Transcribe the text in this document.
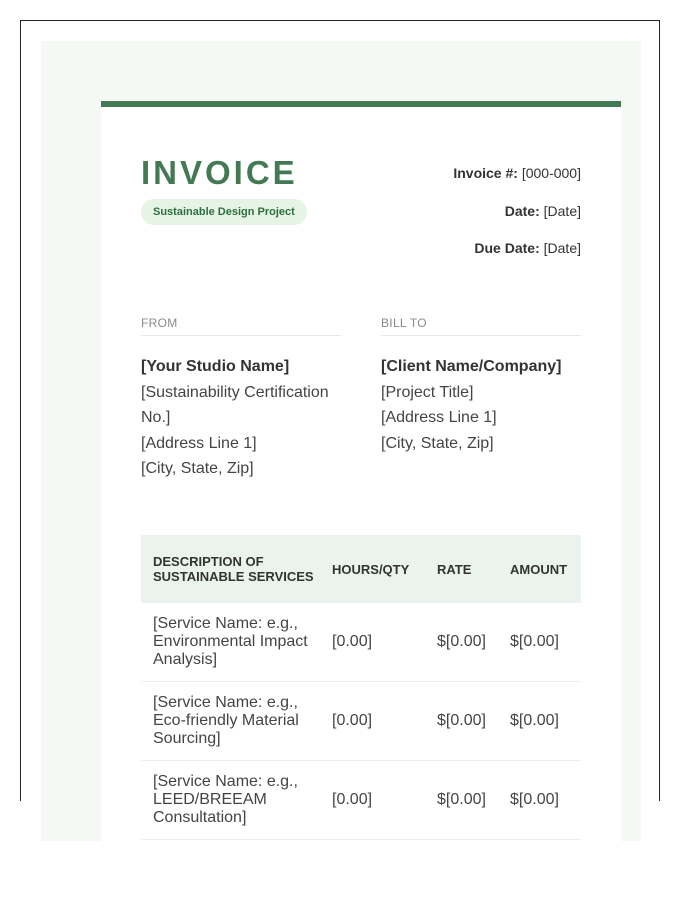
INVOICE
Sustainable Design Project
Invoice #: [000-000]
Date: [Date]
Due Date: [Date]
FROM
[Your Studio Name]
[Sustainability Certification No.]
[Address Line 1]
[City, State, Zip]
BILL TO
[Client Name/Company]
[Project Title]
[Address Line 1]
[City, State, Zip]
DESCRIPTION OF SUSTAINABLE SERVICES	HOURS/QTY	RATE	AMOUNT
[Service Name: e.g., Environmental Impact Analysis]	[0.00]	$[0.00]	$[0.00]
[Service Name: e.g., Eco-friendly Material Sourcing]	[0.00]	$[0.00]	$[0.00]
[Service Name: e.g., LEED/BREEAM Consultation]	[0.00]	$[0.00]	$[0.00]
